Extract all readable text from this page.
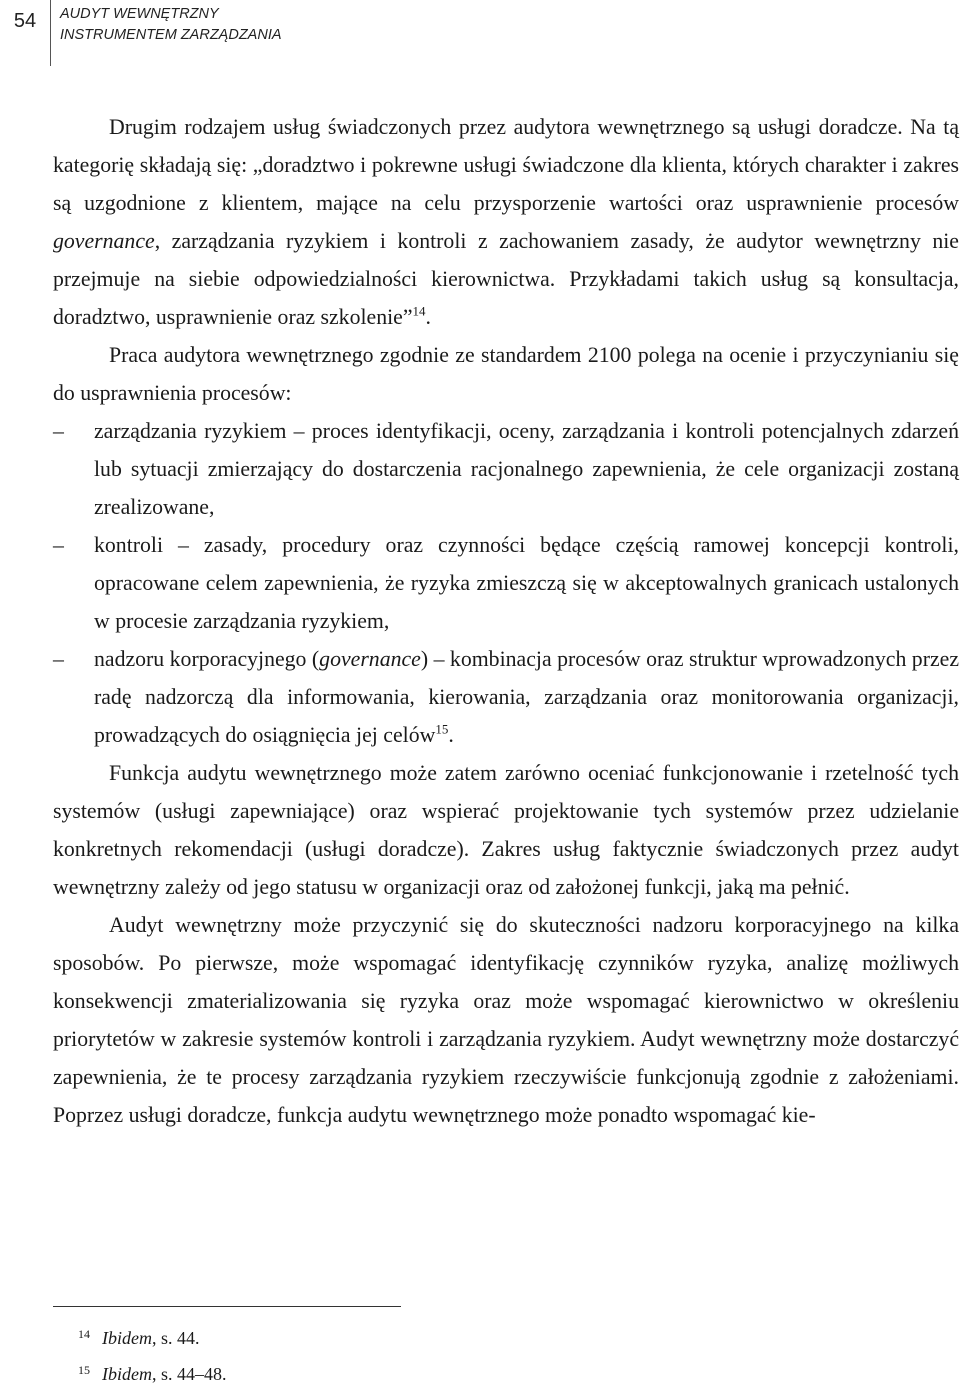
54	AUDYT WEWNĘTRZNY
INSTRUMENTEM ZARZĄDZANIA

Drugim rodzajem usług świadczonych przez audytora wewnętrznego są usługi doradcze. Na tą kategorię składają się: „doradztwo i pokrewne usługi świadczone dla klienta, których charakter i zakres są uzgodnione z klientem, mające na celu przysporzenie wartości oraz usprawnienie procesów governance, zarządzania ryzykiem i kontroli z zachowaniem zasady, że audytor wewnętrzny nie przejmuje na siebie odpowiedzialności kierownictwa. Przykładami takich usług są konsultacja, doradztwo, usprawnienie oraz szkolenie”$^{14}$.

Praca audytora wewnętrznego zgodnie ze standardem 2100 polega na ocenie i przyczynianiu się do usprawnienia procesów:

– zarządzania ryzykiem – proces identyfikacji, oceny, zarządzania i kontroli potencjalnych zdarzeń lub sytuacji zmierzający do dostarczenia racjonalnego zapewnienia, że cele organizacji zostaną zrealizowane,
– kontroli – zasady, procedury oraz czynności będące częścią ramowej koncepcji kontroli, opracowane celem zapewnienia, że ryzyka zmieszczą się w akceptowalnych granicach ustalonych w procesie zarządzania ryzykiem,
– nadzoru korporacyjnego (governance) – kombinacja procesów oraz struktur wprowadzonych przez radę nadzorczą dla informowania, kierowania, zarządzania oraz monitorowania organizacji, prowadzących do osiągnięcia jej celów$^{15}$.

Funkcja audytu wewnętrznego może zatem zarówno oceniać funkcjonowanie i rzetelność tych systemów (usługi zapewniające) oraz wspierać projektowanie tych systemów przez udzielanie konkretnych rekomendacji (usługi doradcze). Zakres usług faktycznie świadczonych przez audyt wewnętrzny zależy od jego statusu w organizacji oraz od założonej funkcji, jaką ma pełnić.

Audyt wewnętrzny może przyczynić się do skuteczności nadzoru korporacyjnego na kilka sposobów. Po pierwsze, może wspomagać identyfikację czynników ryzyka, analizę możliwych konsekwencji zmaterializowania się ryzyka oraz może wspomagać kierownictwo w określeniu priorytetów w zakresie systemów kontroli i zarządzania ryzykiem. Audyt wewnętrzny może dostarczyć zapewnienia, że te procesy zarządzania ryzykiem rzeczywiście funkcjonują zgodnie z założeniami. Poprzez usługi doradcze, funkcja audytu wewnętrznego może ponadto wspomagać kie-

14 Ibidem, s. 44.
15 Ibidem, s. 44–48.
